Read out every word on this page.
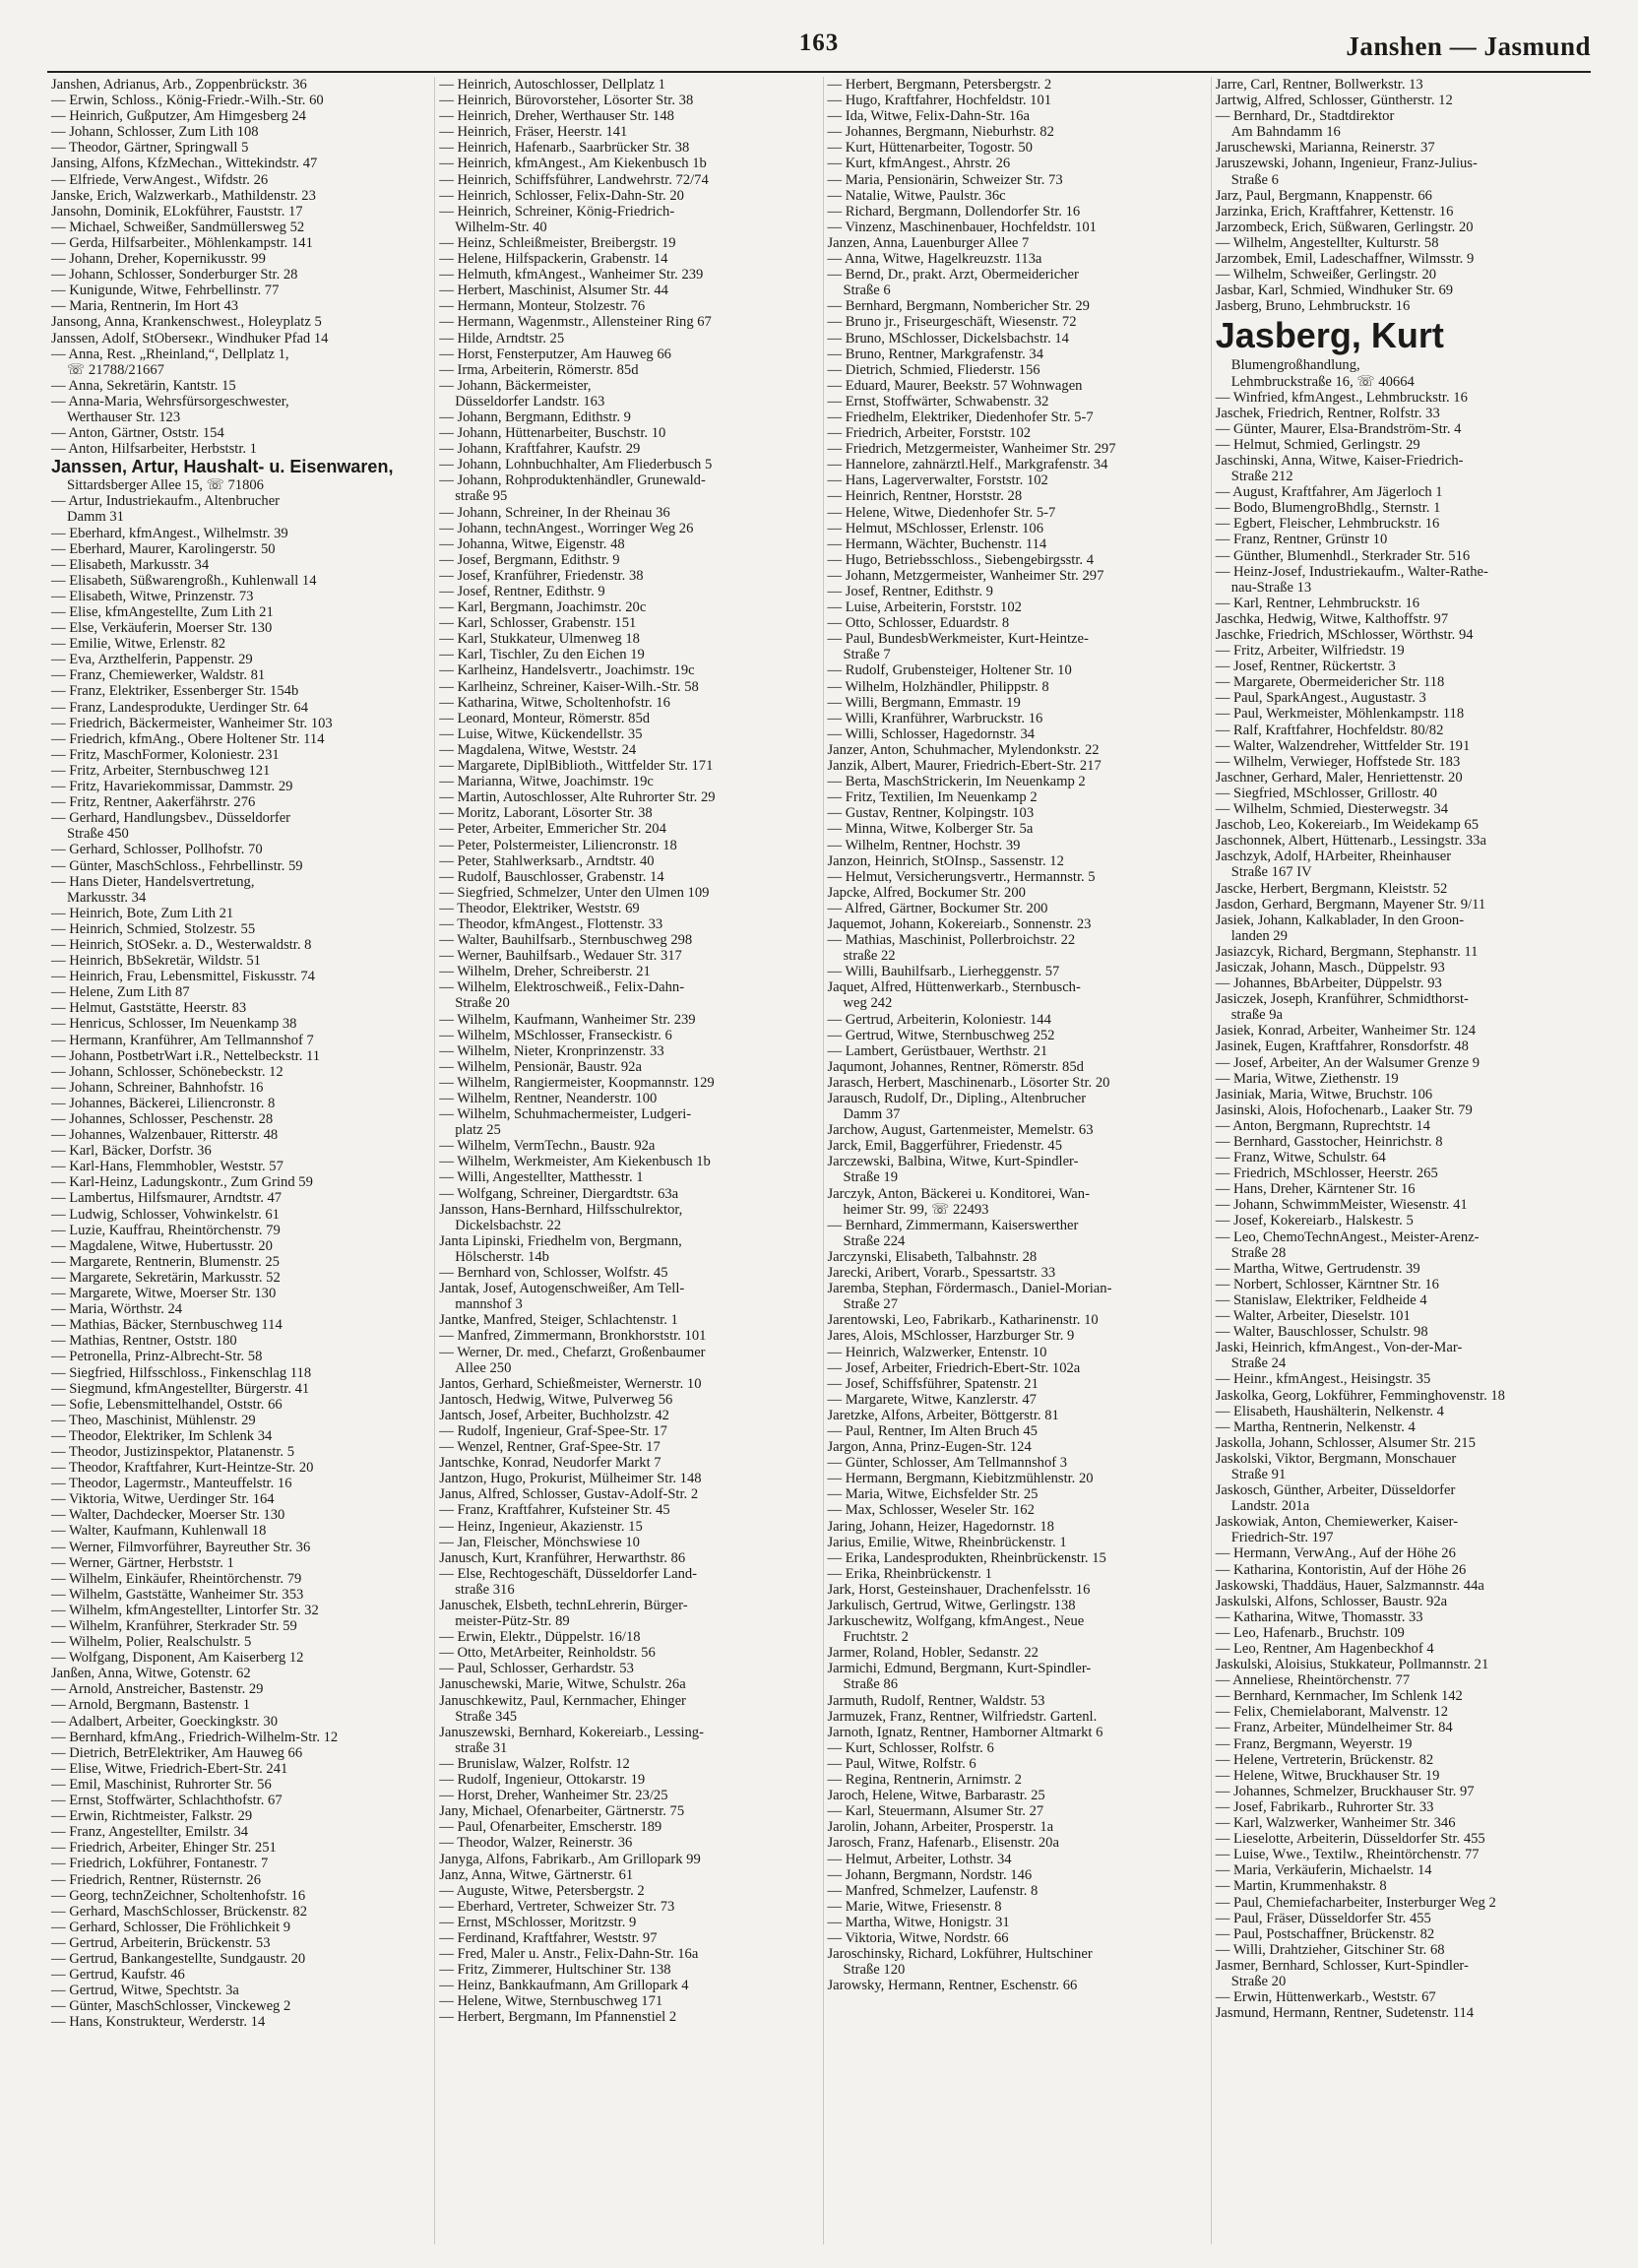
163	Janshen — Jasmund
Janshen, Adrianus, Arb., Zoppenbrückstr. 36
— Erwin, Schloss., König-Friedr.-Wilh.-Str. 60
— Heinrich, Gußputzer, Am Himgesberg 24
— Johann, Schlosser, Zum Lith 108
— Theodor, Gärtner, Springwall 5
Jansing, Alfons, KfzMechan., Wittekindstr. 47
— Elfriede, VerwAngest., Wifdstr. 26
Janske, Erich, Walzwerkarb., Mathildenstr. 23
Jansohn, Dominik, ELokführer, Fauststr. 17
— Michael, Schweißer, Sandmüllersweg 52
— Gerda, Hilfsarbeiter., Möhlenkampstr. 141
— Johann, Dreher, Kopernikusstr. 99
— Johann, Schlosser, Sonderburger Str. 28
— Kunigunde, Witwe, Fehrbellinstr. 77
— Maria, Rentnerin, Im Hort 43
Jansong, Anna, Krankenschwest., Holeyplatz 5
Janssen, Adolf, StOberseкr., Windhuker Pfad 14
— Anna, Rest. „Rheinland,“, Dellplatz 1,
☏ 21788/21667
— Anna, Sekretärin, Kantstr. 15
— Anna-Maria, Wehrsfürsorgeschwester,
Werthauser Str. 123
— Anton, Gärtner, Oststr. 154
— Anton, Hilfsarbeiter, Herbststr. 1
Janssen, Artur, Haushalt- u. Eisenwaren,
Sittardsberger Allee 15, ☏ 71806
— Artur, Industriekaufm., Altenbrucher
Damm 31
— Eberhard, kfmAngest., Wilhelmstr. 39
— Eberhard, Maurer, Karolingerstr. 50
— Elisabeth, Markusstr. 34
— Elisabeth, Süßwarengroßh., Kuhlenwall 14
— Elisabeth, Witwe, Prinzenstr. 73
— Elise, kfmAngestellte, Zum Lith 21
— Else, Verkäuferin, Moerser Str. 130
— Emilie, Witwe, Erlenstr. 82
— Eva, Arzthelferin, Pappenstr. 29
— Franz, Chemiewerker, Waldstr. 81
— Franz, Elektriker, Essenberger Str. 154b
— Franz, Landesprodukte, Uerdinger Str. 64
— Friedrich, Bäckermeister, Wanheimer Str. 103
— Friedrich, kfmAng., Obere Holtener Str. 114
— Fritz, MaschFormer, Koloniestr. 231
— Fritz, Arbeiter, Sternbuschweg 121
— Fritz, Havariekommissar, Dammstr. 29
— Fritz, Rentner, Aakerfährstr. 276
— Gerhard, Handlungsbev., Düsseldorfer
Straße 450
— Gerhard, Schlosser, Pollhofstr. 70
— Günter, MaschSchloss., Fehrbellinstr. 59
— Hans Dieter, Handelsvertretung,
Markusstr. 34
— Heinrich, Bote, Zum Lith 21
— Heinrich, Schmied, Stolzestr. 55
— Heinrich, StOSekr. a. D., Westerwaldstr. 8
— Heinrich, BbSekretär, Wildstr. 51
— Heinrich, Frau, Lebensmittel, Fiskusstr. 74
— Helene, Zum Lith 87
— Helmut, Gaststätte, Heerstr. 83
— Henricus, Schlosser, Im Neuenkamp 38
— Hermann, Kranführer, Am Tellmannshof 7
— Johann, PostbetrWart i.R., Nettelbeckstr. 11
— Johann, Schlosser, Schönebeckstr. 12
— Johann, Schreiner, Bahnhofstr. 16
— Johannes, Bäckerei, Liliencronstr. 8
— Johannes, Schlosser, Peschenstr. 28
— Johannes, Walzenbauer, Ritterstr. 48
— Karl, Bäcker, Dorfstr. 36
— Karl-Hans, Flemmhobler, Weststr. 57
— Karl-Heinz, Ladungskontr., Zum Grind 59
— Lambertus, Hilfsmaurer, Arndtstr. 47
— Ludwig, Schlosser, Vohwinkelstr. 61
— Luzie, Kauffrau, Rheintörchenstr. 79
— Magdalene, Witwe, Hubertusstr. 20
— Margarete, Rentnerin, Blumenstr. 25
— Margarete, Sekretärin, Markusstr. 52
— Margarete, Witwe, Moerser Str. 130
— Maria, Wörthstr. 24
— Mathias, Bäcker, Sternbuschweg 114
— Mathias, Rentner, Oststr. 180
— Petronella, Prinz-Albrecht-Str. 58
— Siegfried, Hilfsschloss., Finkenschlag 118
— Siegmund, kfmAngestellter, Bürgerstr. 41
— Sofie, Lebensmittelhandel, Oststr. 66
— Theo, Maschinist, Mühlenstr. 29
— Theodor, Elektriker, Im Schlenk 34
— Theodor, Justizinspektor, Platanenstr. 5
— Theodor, Kraftfahrer, Kurt-Heintze-Str. 20
— Theodor, Lagermstr., Manteuffelstr. 16
— Viktoria, Witwe, Uerdinger Str. 164
— Walter, Dachdecker, Moerser Str. 130
— Walter, Kaufmann, Kuhlenwall 18
— Werner, Filmvorführer, Bayreuther Str. 36
— Werner, Gärtner, Herbststr. 1
— Wilhelm, Einkäufer, Rheintörchenstr. 79
— Wilhelm, Gaststätte, Wanheimer Str. 353
— Wilhelm, kfmAngestellter, Lintorfer Str. 32
— Wilhelm, Kranführer, Sterkrader Str. 59
— Wilhelm, Polier, Realschulstr. 5
— Wolfgang, Disponent, Am Kaiserberg 12
Janßen, Anna, Witwe, Gotenstr. 62
— Arnold, Anstreicher, Bastenstr. 29
— Arnold, Bergmann, Bastenstr. 1
— Adalbert, Arbeiter, Goeckingkstr. 30
— Bernhard, kfmAng., Friedrich-Wilhelm-Str. 12
— Dietrich, BetrElektriker, Am Hauweg 66
— Elise, Witwe, Friedrich-Ebert-Str. 241
— Emil, Maschinist, Ruhrorter Str. 56
— Ernst, Stoffwärter, Schlachthofstr. 67
— Erwin, Richtmeister, Falkstr. 29
— Franz, Angestellter, Emilstr. 34
— Friedrich, Arbeiter, Ehinger Str. 251
— Friedrich, Lokführer, Fontanestr. 7
— Friedrich, Rentner, Rüsternstr. 26
— Georg, technZeichner, Scholtenhofstr. 16
— Gerhard, MaschSchlosser, Brückenstr. 82
— Gerhard, Schlosser, Die Fröhlichkeit 9
— Gertrud, Arbeiterin, Brückenstr. 53
— Gertrud, Bankangestellte, Sundgaustr. 20
— Gertrud, Kaufstr. 46
— Gertrud, Witwe, Spechtstr. 3a
— Günter, MaschSchlosser, Vinckeweg 2
— Hans, Konstrukteur, Werderstr. 14
— Heinrich, Autoschlosser, Dellplatz 1
— Heinrich, Bürovorsteher, Lösorter Str. 38
— Heinrich, Dreher, Werthauser Str. 148
— Heinrich, Fräser, Heerstr. 141
— Heinrich, Hafenarb., Saarbrücker Str. 38
— Heinrich, kfmAngest., Am Kiekenbusch 1b
— Heinrich, Schiffsführer, Landwehrstr. 72/74
— Heinrich, Schlosser, Felix-Dahn-Str. 20
— Heinrich, Schreiner, König-Friedrich-
Wilhelm-Str. 40
— Heinz, Schleißmeister, Breibergstr. 19
— Helene, Hilfspackerin, Grabenstr. 14
— Helmuth, kfmAngest., Wanheimer Str. 239
— Herbert, Maschinist, Alsumer Str. 44
— Hermann, Monteur, Stolzestr. 76
— Hermann, Wagenmstr., Allensteiner Ring 67
— Hilde, Arndtstr. 25
— Horst, Fensterputzer, Am Hauweg 66
— Irma, Arbeiterin, Römerstr. 85d
— Johann, Bäckermeister,
Düsseldorfer Landstr. 163
— Johann, Bergmann, Edithstr. 9
— Johann, Hüttenarbeiter, Buschstr. 10
— Johann, Kraftfahrer, Kaufstr. 29
— Johann, Lohnbuchhalter, Am Fliederbusch 5
— Johann, Rohproduktenhändler, Grunewald-
straße 95
— Johann, Schreiner, In der Rheinau 36
— Johann, technAngest., Worringer Weg 26
— Johanna, Witwe, Eigenstr. 48
— Josef, Bergmann, Edithstr. 9
— Josef, Kranführer, Friedenstr. 38
— Josef, Rentner, Edithstr. 9
— Karl, Bergmann, Joachimstr. 20c
— Karl, Schlosser, Grabenstr. 151
— Karl, Stukkateur, Ulmenweg 18
— Karl, Tischler, Zu den Eichen 19
— Karlheinz, Handelsvertr., Joachimstr. 19c
— Karlheinz, Schreiner, Kaiser-Wilh.-Str. 58
— Katharina, Witwe, Scholtenhofstr. 16
— Leonard, Monteur, Römerstr. 85d
— Luise, Witwe, Kückendellstr. 35
— Magdalena, Witwe, Weststr. 24
— Margarete, DiplBiblioth., Wittfelder Str. 171
— Marianna, Witwe, Joachimstr. 19c
— Martin, Autoschlosser, Alte Ruhrorter Str. 29
— Moritz, Laborant, Lösorter Str. 38
— Peter, Arbeiter, Emmericher Str. 204
— Peter, Polstermeister, Liliencronstr. 18
— Peter, Stahlwerksarb., Arndtstr. 40
— Rudolf, Bauschlosser, Grabenstr. 14
— Siegfried, Schmelzer, Unter den Ulmen 109
— Theodor, Elektriker, Weststr. 69
— Theodor, kfmAngest., Flottenstr. 33
— Walter, Bauhilfsarb., Sternbuschweg 298
— Werner, Bauhilfsarb., Wedauer Str. 317
— Wilhelm, Dreher, Schreiberstr. 21
— Wilhelm, Elektroschweiß., Felix-Dahn-
Straße 20
— Wilhelm, Kaufmann, Wanheimer Str. 239
— Wilhelm, MSchlosser, Franseckistr. 6
— Wilhelm, Nieter, Kronprinzenstr. 33
— Wilhelm, Pensionär, Baustr. 92a
— Wilhelm, Rangiermeister, Koopmannstr. 129
— Wilhelm, Rentner, Neanderstr. 100
— Wilhelm, Schuhmachermeister, Ludgeri-
platz 25
— Wilhelm, VermTechn., Baustr. 92a
— Wilhelm, Werkmeister, Am Kiekenbusch 1b
— Willi, Angestellter, Matthesstr. 1
— Wolfgang, Schreiner, Diergardtstr. 63a
Jansson, Hans-Bernhard, Hilfsschulrektor,
Dickelsbachstr. 22
Janta Lipinski, Friedhelm von, Bergmann,
Hölscherstr. 14b
— Bernhard von, Schlosser, Wolfstr. 45
Jantak, Josef, Autogenschweißer, Am Tell-
mannshof 3
Jantke, Manfred, Steiger, Schlachtenstr. 1
— Manfred, Zimmermann, Bronkhorststr. 101
— Werner, Dr. med., Chefarzt, Großenbaumer
Allee 250
Jantos, Gerhard, Schießmeister, Wernerstr. 10
Jantosch, Hedwig, Witwe, Pulverweg 56
Jantsch, Josef, Arbeiter, Buchholzstr. 42
— Rudolf, Ingenieur, Graf-Spee-Str. 17
— Wenzel, Rentner, Graf-Spee-Str. 17
Jantschke, Konrad, Neudorfer Markt 7
Jantzon, Hugo, Prokurist, Mülheimer Str. 148
Janus, Alfred, Schlosser, Gustav-Adolf-Str. 2
— Franz, Kraftfahrer, Kufsteiner Str. 45
— Heinz, Ingenieur, Akazienstr. 15
— Jan, Fleischer, Mönchswiese 10
Janusch, Kurt, Kranführer, Herwarthstr. 86
— Else, Rechtogeschäft, Düsseldorfer Land-
straße 316
Januschek, Elsbeth, technLehrerin, Bürger-
meister-Pütz-Str. 89
— Erwin, Elektr., Düppelstr. 16/18
— Otto, MetArbeiter, Reinholdstr. 56
— Paul, Schlosser, Gerhardstr. 53
Januschewski, Marie, Witwe, Schulstr. 26a
Januschkewitz, Paul, Kernmacher, Ehinger
Straße 345
Januszewski, Bernhard, Kokereiarb., Lessing-
straße 31
— Brunislaw, Walzer, Rolfstr. 12
— Rudolf, Ingenieur, Ottokarstr. 19
— Horst, Dreher, Wanheimer Str. 23/25
Jany, Michael, Ofenarbeiter, Gärtnerstr. 75
— Paul, Ofenarbeiter, Emscherstr. 189
— Theodor, Walzer, Reinerstr. 36
Janyga, Alfons, Fabrikarb., Am Grillopark 99
Janz, Anna, Witwe, Gärtnerstr. 61
— Auguste, Witwe, Petersbergstr. 2
— Eberhard, Vertreter, Schweizer Str. 73
— Ernst, MSchlosser, Moritzstr. 9
— Ferdinand, Kraftfahrer, Weststr. 97
— Fred, Maler u. Anstr., Felix-Dahn-Str. 16a
— Fritz, Zimmerer, Hultschiner Str. 138
— Heinz, Bankkaufmann, Am Grillopark 4
— Helene, Witwe, Sternbuschweg 171
— Herbert, Bergmann, Im Pfannenstiel 2
— Herbert, Bergmann, Petersbergstr. 2
— Hugo, Kraftfahrer, Hochfeldstr. 101
— Ida, Witwe, Felix-Dahn-Str. 16a
— Johannes, Bergmann, Nieburhstr. 82
— Kurt, Hüttenarbeiter, Togostr. 50
— Kurt, kfmAngest., Ahrstr. 26
— Maria, Pensionärin, Schweizer Str. 73
— Natalie, Witwe, Paulstr. 36c
— Richard, Bergmann, Dollendorfer Str. 16
— Vinzenz, Maschinenbauer, Hochfeldstr. 101
Janzen, Anna, Lauenburger Allee 7
— Anna, Witwe, Hagelkreuzstr. 113a
— Bernd, Dr., prakt. Arzt, Obermeidericher
Straße 6
— Bernhard, Bergmann, Nombericher Str. 29
— Bruno jr., Friseurgeschäft, Wiesenstr. 72
— Bruno, MSchlosser, Dickelsbachstr. 14
— Bruno, Rentner, Markgrafenstr. 34
— Dietrich, Schmied, Fliederstr. 156
— Eduard, Maurer, Beekstr. 57 Wohnwagen
— Ernst, Stoffwärter, Schwabenstr. 32
— Friedhelm, Elektriker, Diedenhofer Str. 5-7
— Friedrich, Arbeiter, Forststr. 102
— Friedrich, Metzgermeister, Wanheimer Str. 297
— Hannelore, zahnärztl.Helf., Markgrafenstr. 34
— Hans, Lagerverwalter, Forststr. 102
— Heinrich, Rentner, Horststr. 28
— Helene, Witwe, Diedenhofer Str. 5-7
— Helmut, MSchlosser, Erlenstr. 106
— Hermann, Wächter, Buchenstr. 114
— Hugo, Betriebsschloss., Siebengebirgsstr. 4
— Johann, Metzgermeister, Wanheimer Str. 297
— Josef, Rentner, Edithstr. 9
— Luise, Arbeiterin, Forststr. 102
— Otto, Schlosser, Eduardstr. 8
— Paul, BundesbWerkmeister, Kurt-Heintze-
Straße 7
— Rudolf, Grubensteiger, Holtener Str. 10
— Wilhelm, Holzhändler, Philippstr. 8
— Willi, Bergmann, Emmastr. 19
— Willi, Kranführer, Warbruckstr. 16
— Willi, Schlosser, Hagedornstr. 34
Janzer, Anton, Schuhmacher, Mylendonkstr. 22
Janzik, Albert, Maurer, Friedrich-Ebert-Str. 217
— Berta, MaschStrickerin, Im Neuenkamp 2
— Fritz, Textilien, Im Neuenkamp 2
— Gustav, Rentner, Kolpingstr. 103
— Minna, Witwe, Kolberger Str. 5a
— Wilhelm, Rentner, Hochstr. 39
Janzon, Heinrich, StOInsp., Sassenstr. 12
— Helmut, Versicherungsvertr., Hermannstr. 5
Japcke, Alfred, Bockumer Str. 200
— Alfred, Gärtner, Bockumer Str. 200
Jaquemot, Johann, Kokereiarb., Sonnenstr. 23
— Mathias, Maschinist, Pollerbroichstr. 22
straße 22
— Willi, Bauhilfsarb., Lierheggenstr. 57
Jaquet, Alfred, Hüttenwerkarb., Sternbusch-
weg 242
— Gertrud, Arbeiterin, Koloniestr. 144
— Gertrud, Witwe, Sternbuschweg 252
— Lambert, Gerüstbauer, Werthstr. 21
Jaqumont, Johannes, Rentner, Römerstr. 85d
Jarasch, Herbert, Maschinenarb., Lösorter Str. 20
Jarausch, Rudolf, Dr., Dipling., Altenbrucher
Damm 37
Jarchow, August, Gartenmeister, Memelstr. 63
Jarck, Emil, Baggerführer, Friedenstr. 45
Jarczewski, Balbina, Witwe, Kurt-Spindler-
Straße 19
Jarczyk, Anton, Bäckerei u. Konditorei, Wan-
heimer Str. 99, ☏ 22493
— Bernhard, Zimmermann, Kaiserswerther
Straße 224
Jarczynski, Elisabeth, Talbahnstr. 28
Jarecki, Aribert, Vorarb., Spessartstr. 33
Jaremba, Stephan, Fördermasch., Daniel-Morian-
Straße 27
Jarentowski, Leo, Fabrikarb., Katharinenstr. 10
Jares, Alois, MSchlosser, Harzburger Str. 9
— Heinrich, Walzwerker, Entenstr. 10
— Josef, Arbeiter, Friedrich-Ebert-Str. 102a
— Josef, Schiffsführer, Spatenstr. 21
— Margarete, Witwe, Kanzlerstr. 47
Jaretzke, Alfons, Arbeiter, Böttgerstr. 81
— Paul, Rentner, Im Alten Bruch 45
Jargon, Anna, Prinz-Eugen-Str. 124
— Günter, Schlosser, Am Tellmannshof 3
— Hermann, Bergmann, Kiebitzmühlenstr. 20
— Maria, Witwe, Eichsfelder Str. 25
— Max, Schlosser, Weseler Str. 162
Jaring, Johann, Heizer, Hagedornstr. 18
Jarius, Emilie, Witwe, Rheinbrückenstr. 1
— Erika, Landesprodukten, Rheinbrückenstr. 15
— Erika, Rheinbrückenstr. 1
Jark, Horst, Gesteinshauer, Drachenfelsstr. 16
Jarkulisch, Gertrud, Witwe, Gerlingstr. 138
Jarkuschewitz, Wolfgang, kfmAngest., Neue
Fruchtstr. 2
Jarmer, Roland, Hobler, Sedanstr. 22
Jarmichi, Edmund, Bergmann, Kurt-Spindler-
Straße 86
Jarmuth, Rudolf, Rentner, Waldstr. 53
Jarmuzek, Franz, Rentner, Wilfriedstr. Gartenl.
Jarnoth, Ignatz, Rentner, Hamborner Altmarkt 6
— Kurt, Schlosser, Rolfstr. 6
— Paul, Witwe, Rolfstr. 6
— Regina, Rentnerin, Arnimstr. 2
Jaroch, Helene, Witwe, Barbarastr. 25
— Karl, Steuermann, Alsumer Str. 27
Jarolin, Johann, Arbeiter, Prosperstr. 1a
Jarosch, Franz, Hafenarb., Elisenstr. 20a
— Helmut, Arbeiter, Lothstr. 34
— Johann, Bergmann, Nordstr. 146
— Manfred, Schmelzer, Laufenstr. 8
— Marie, Witwe, Friesenstr. 8
— Martha, Witwe, Honigstr. 31
— Viktoria, Witwe, Nordstr. 66
Jaroschinsky, Richard, Lokführer, Hultschiner
Straße 120
Jarowsky, Hermann, Rentner, Eschenstr. 66
Jarre, Carl, Rentner, Bollwerkstr. 13
Jartwig, Alfred, Schlosser, Güntherstr. 12
— Bernhard, Dr., Stadtdirektor
Am Bahndamm 16
Jaruschewski, Marianna, Reinerstr. 37
Jaruszewski, Johann, Ingenieur, Franz-Julius-
Straße 6
Jarz, Paul, Bergmann, Knappenstr. 66
Jarzinka, Erich, Kraftfahrer, Kettenstr. 16
Jarzombeck, Erich, Süßwaren, Gerlingstr. 20
— Wilhelm, Angestellter, Kulturstr. 58
Jarzombek, Emil, Ladeschaffner, Wilmsstr. 9
— Wilhelm, Schweißer, Gerlingstr. 20
Jasbar, Karl, Schmied, Windhuker Str. 69
Jasberg, Bruno, Lehmbruckstr. 16
Jasberg, Kurt
Blumengroßhandlung,
Lehmbruckstraße 16, ☏ 40664
— Winfried, kfmAngest., Lehmbruckstr. 16
Jaschek, Friedrich, Rentner, Rolfstr. 33
— Günter, Maurer, Elsa-Brandström-Str. 4
— Helmut, Schmied, Gerlingstr. 29
Jaschinski, Anna, Witwe, Kaiser-Friedrich-
Straße 212
— August, Kraftfahrer, Am Jägerloch 1
— Bodo, BlumengroBhdlg., Sternstr. 1
— Egbert, Fleischer, Lehmbruckstr. 16
— Franz, Rentner, Grünstr 10
— Günther, Blumenhdl., Sterkrader Str. 516
— Heinz-Josef, Industriekaufm., Walter-Rathe-
nau-Straße 13
— Karl, Rentner, Lehmbruckstr. 16
Jaschka, Hedwig, Witwe, Kalthoffstr. 97
Jaschke, Friedrich, MSchlosser, Wörthstr. 94
— Fritz, Arbeiter, Wilfriedstr. 19
— Josef, Rentner, Rückertstr. 3
— Margarete, Obermeidericher Str. 118
— Paul, SparkAngest., Augustastr. 3
— Paul, Werkmeister, Möhlenkampstr. 118
— Ralf, Kraftfahrer, Hochfeldstr. 80/82
— Walter, Walzendreher, Wittfelder Str. 191
— Wilhelm, Verwieger, Hoffstede Str. 183
Jaschner, Gerhard, Maler, Henriettenstr. 20
— Siegfried, MSchlosser, Grillostr. 40
— Wilhelm, Schmied, Diesterwegstr. 34
Jaschob, Leo, Kokereiarb., Im Weidekamp 65
Jaschonnek, Albert, Hüttenarb., Lessingstr. 33a
Jaschzyk, Adolf, HArbeiter, Rheinhauser
Straße 167 IV
Jascke, Herbert, Bergmann, Kleiststr. 52
Jasdon, Gerhard, Bergmann, Mayener Str. 9/11
Jasiek, Johann, Kalkablader, In den Groon-
landen 29
Jasiazcyk, Richard, Bergmann, Stephanstr. 11
Jasiczak, Johann, Masch., Düppelstr. 93
— Johannes, BbArbeiter, Düppelstr. 93
Jasiczek, Joseph, Kranführer, Schmidthorst-
straße 9a
Jasiek, Konrad, Arbeiter, Wanheimer Str. 124
Jasinek, Eugen, Kraftfahrer, Ronsdorfstr. 48
— Josef, Arbeiter, An der Walsumer Grenze 9
— Maria, Witwe, Ziethenstr. 19
Jasiniak, Maria, Witwe, Bruchstr. 106
Jasinski, Alois, Hofochenarb., Laaker Str. 79
— Anton, Bergmann, Ruprechtstr. 14
— Bernhard, Gasstocher, Heinrichstr. 8
— Franz, Witwe, Schulstr. 64
— Friedrich, MSchlosser, Heerstr. 265
— Hans, Dreher, Kärntener Str. 16
— Johann, SchwimmMeister, Wiesenstr. 41
— Josef, Kokereiarb., Halskestr. 5
— Leo, ChemoTechnAngest., Meister-Arenz-
Straße 28
— Martha, Witwe, Gertrudenstr. 39
— Norbert, Schlosser, Kärntner Str. 16
— Stanislaw, Elektriker, Feldheide 4
— Walter, Arbeiter, Dieselstr. 101
— Walter, Bauschlosser, Schulstr. 98
Jaski, Heinrich, kfmAngest., Von-der-Mar-
Straße 24
— Heinr., kfmAngest., Heisingstr. 35
Jaskolka, Georg, Lokführer, Femminghovenstr. 18
— Elisabeth, Haushälterin, Nelkenstr. 4
— Martha, Rentnerin, Nelkenstr. 4
Jaskolla, Johann, Schlosser, Alsumer Str. 215
Jaskolski, Viktor, Bergmann, Monschauer
Straße 91
Jaskosch, Günther, Arbeiter, Düsseldorfer
Landstr. 201a
Jaskowiak, Anton, Chemiewerker, Kaiser-
Friedrich-Str. 197
— Hermann, VerwAng., Auf der Höhe 26
— Katharina, Kontoristin, Auf der Höhe 26
Jaskowski, Thaddäus, Hauer, Salzmannstr. 44a
Jaskulski, Alfons, Schlosser, Baustr. 92a
— Katharina, Witwe, Thomasstr. 33
— Leo, Hafenarb., Bruchstr. 109
— Leo, Rentner, Am Hagenbeckhof 4
Jaskulski, Aloisius, Stukkateur, Pollmannstr. 21
— Anneliese, Rheintörchenstr. 77
— Bernhard, Kernmacher, Im Schlenk 142
— Felix, Chemielaborant, Malvenstr. 12
— Franz, Arbeiter, Mündelheimer Str. 84
— Franz, Bergmann, Weyerstr. 19
— Helene, Vertreterin, Brückenstr. 82
— Helene, Witwe, Bruckhauser Str. 19
— Johannes, Schmelzer, Bruckhauser Str. 97
— Josef, Fabrikarb., Ruhrorter Str. 33
— Karl, Walzwerker, Wanheimer Str. 346
— Lieselotte, Arbeiterin, Düsseldorfer Str. 455
— Luise, Wwe., Textilw., Rheintörchenstr. 77
— Maria, Verkäuferin, Michaelstr. 14
— Martin, Krummenhakstr. 8
— Paul, Chemiefacharbeiter, Insterburger Weg 2
— Paul, Fräser, Düsseldorfer Str. 455
— Paul, Postschaffner, Brückenstr. 82
— Willi, Drahtzieher, Gitschiner Str. 68
Jasmer, Bernhard, Schlosser, Kurt-Spindler-
Straße 20
— Erwin, Hüttenwerkarb., Weststr. 67
Jasmund, Hermann, Rentner, Sudetenstr. 114
